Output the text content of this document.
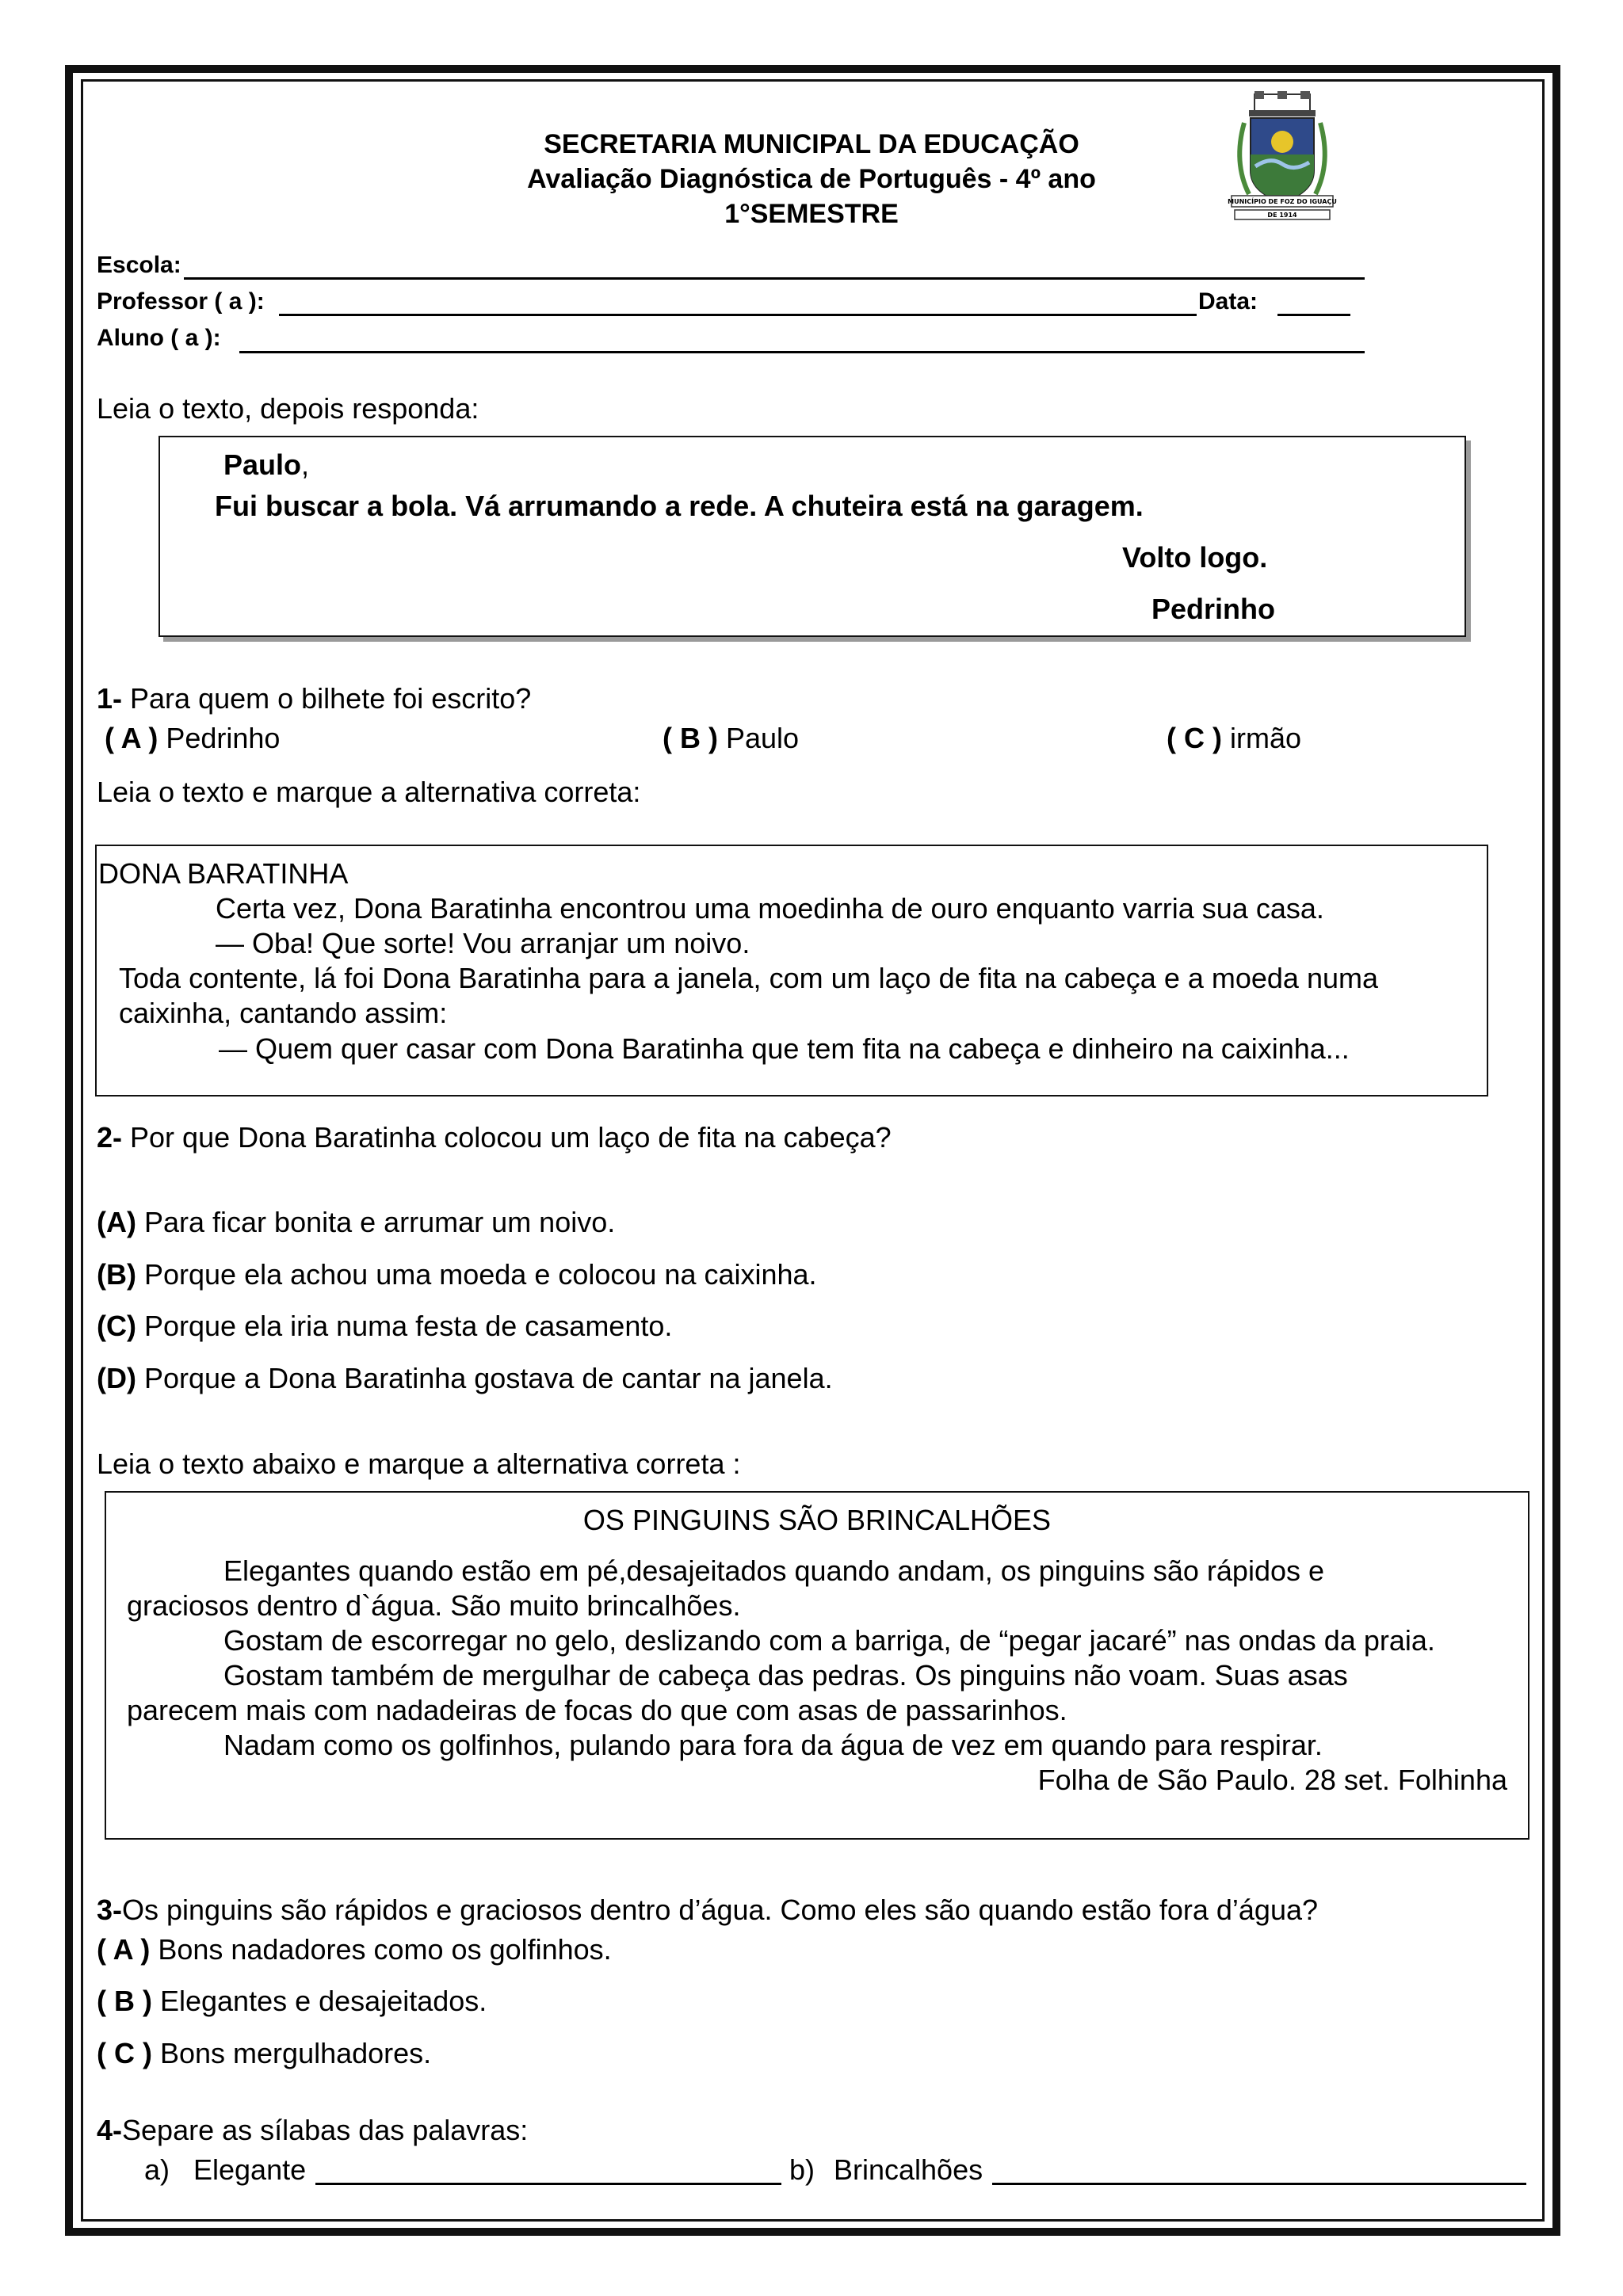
SECRETARIA MUNICIPAL DA EDUCAÇÃO
Avaliação Diagnóstica de Português - 4º ano
1°SEMESTRE	MUNICÍPIO DE FOZ DO IGUAÇU
DE 1914
Escola:
Professor ( a ):	Data:
Aluno ( a ):
Leia o texto, depois responda:
Paulo,
Fui buscar a bola. Vá arrumando a rede. A chuteira está na garagem.
Volto logo.
Pedrinho
1- Para quem o bilhete foi escrito?
( A ) Pedrinho	( B ) Paulo	( C ) irmão
Leia o texto e marque a alternativa correta:
DONA BARATINHA
Certa vez, Dona Baratinha encontrou uma moedinha de ouro enquanto varria sua casa.
— Oba! Que sorte! Vou arranjar um noivo.
Toda contente, lá foi Dona Baratinha para a janela, com um laço de fita na cabeça e a moeda numa
caixinha, cantando assim:
— Quem quer casar com Dona Baratinha que tem fita na cabeça e dinheiro na caixinha...
2- Por que Dona Baratinha colocou um laço de fita na cabeça?
(A) Para ficar bonita e arrumar um noivo.
(B) Porque ela achou uma moeda e colocou na caixinha.
(C) Porque ela iria numa festa de casamento.
(D) Porque a Dona Baratinha gostava de cantar na janela.
Leia o texto abaixo e marque a alternativa correta :
OS PINGUINS SÃO BRINCALHÕES
Elegantes quando estão em pé,desajeitados quando andam, os pinguins são rápidos e
graciosos dentro d`água. São muito brincalhões.
Gostam de escorregar no gelo, deslizando com a barriga, de “pegar jacaré” nas ondas da praia.
Gostam também de mergulhar de cabeça das pedras. Os pinguins não voam. Suas asas
parecem mais com nadadeiras de focas do que com asas de passarinhos.
Nadam como os golfinhos, pulando para fora da água de vez em quando para respirar.
Folha de São Paulo. 28 set. Folhinha
3-Os pinguins são rápidos e graciosos dentro d’água. Como eles são quando estão fora d’água?
( A ) Bons nadadores como os golfinhos.
( B ) Elegantes e desajeitados.
( C ) Bons mergulhadores.
4-Separe as sílabas das palavras:
a) Elegante	b) Brincalhões
